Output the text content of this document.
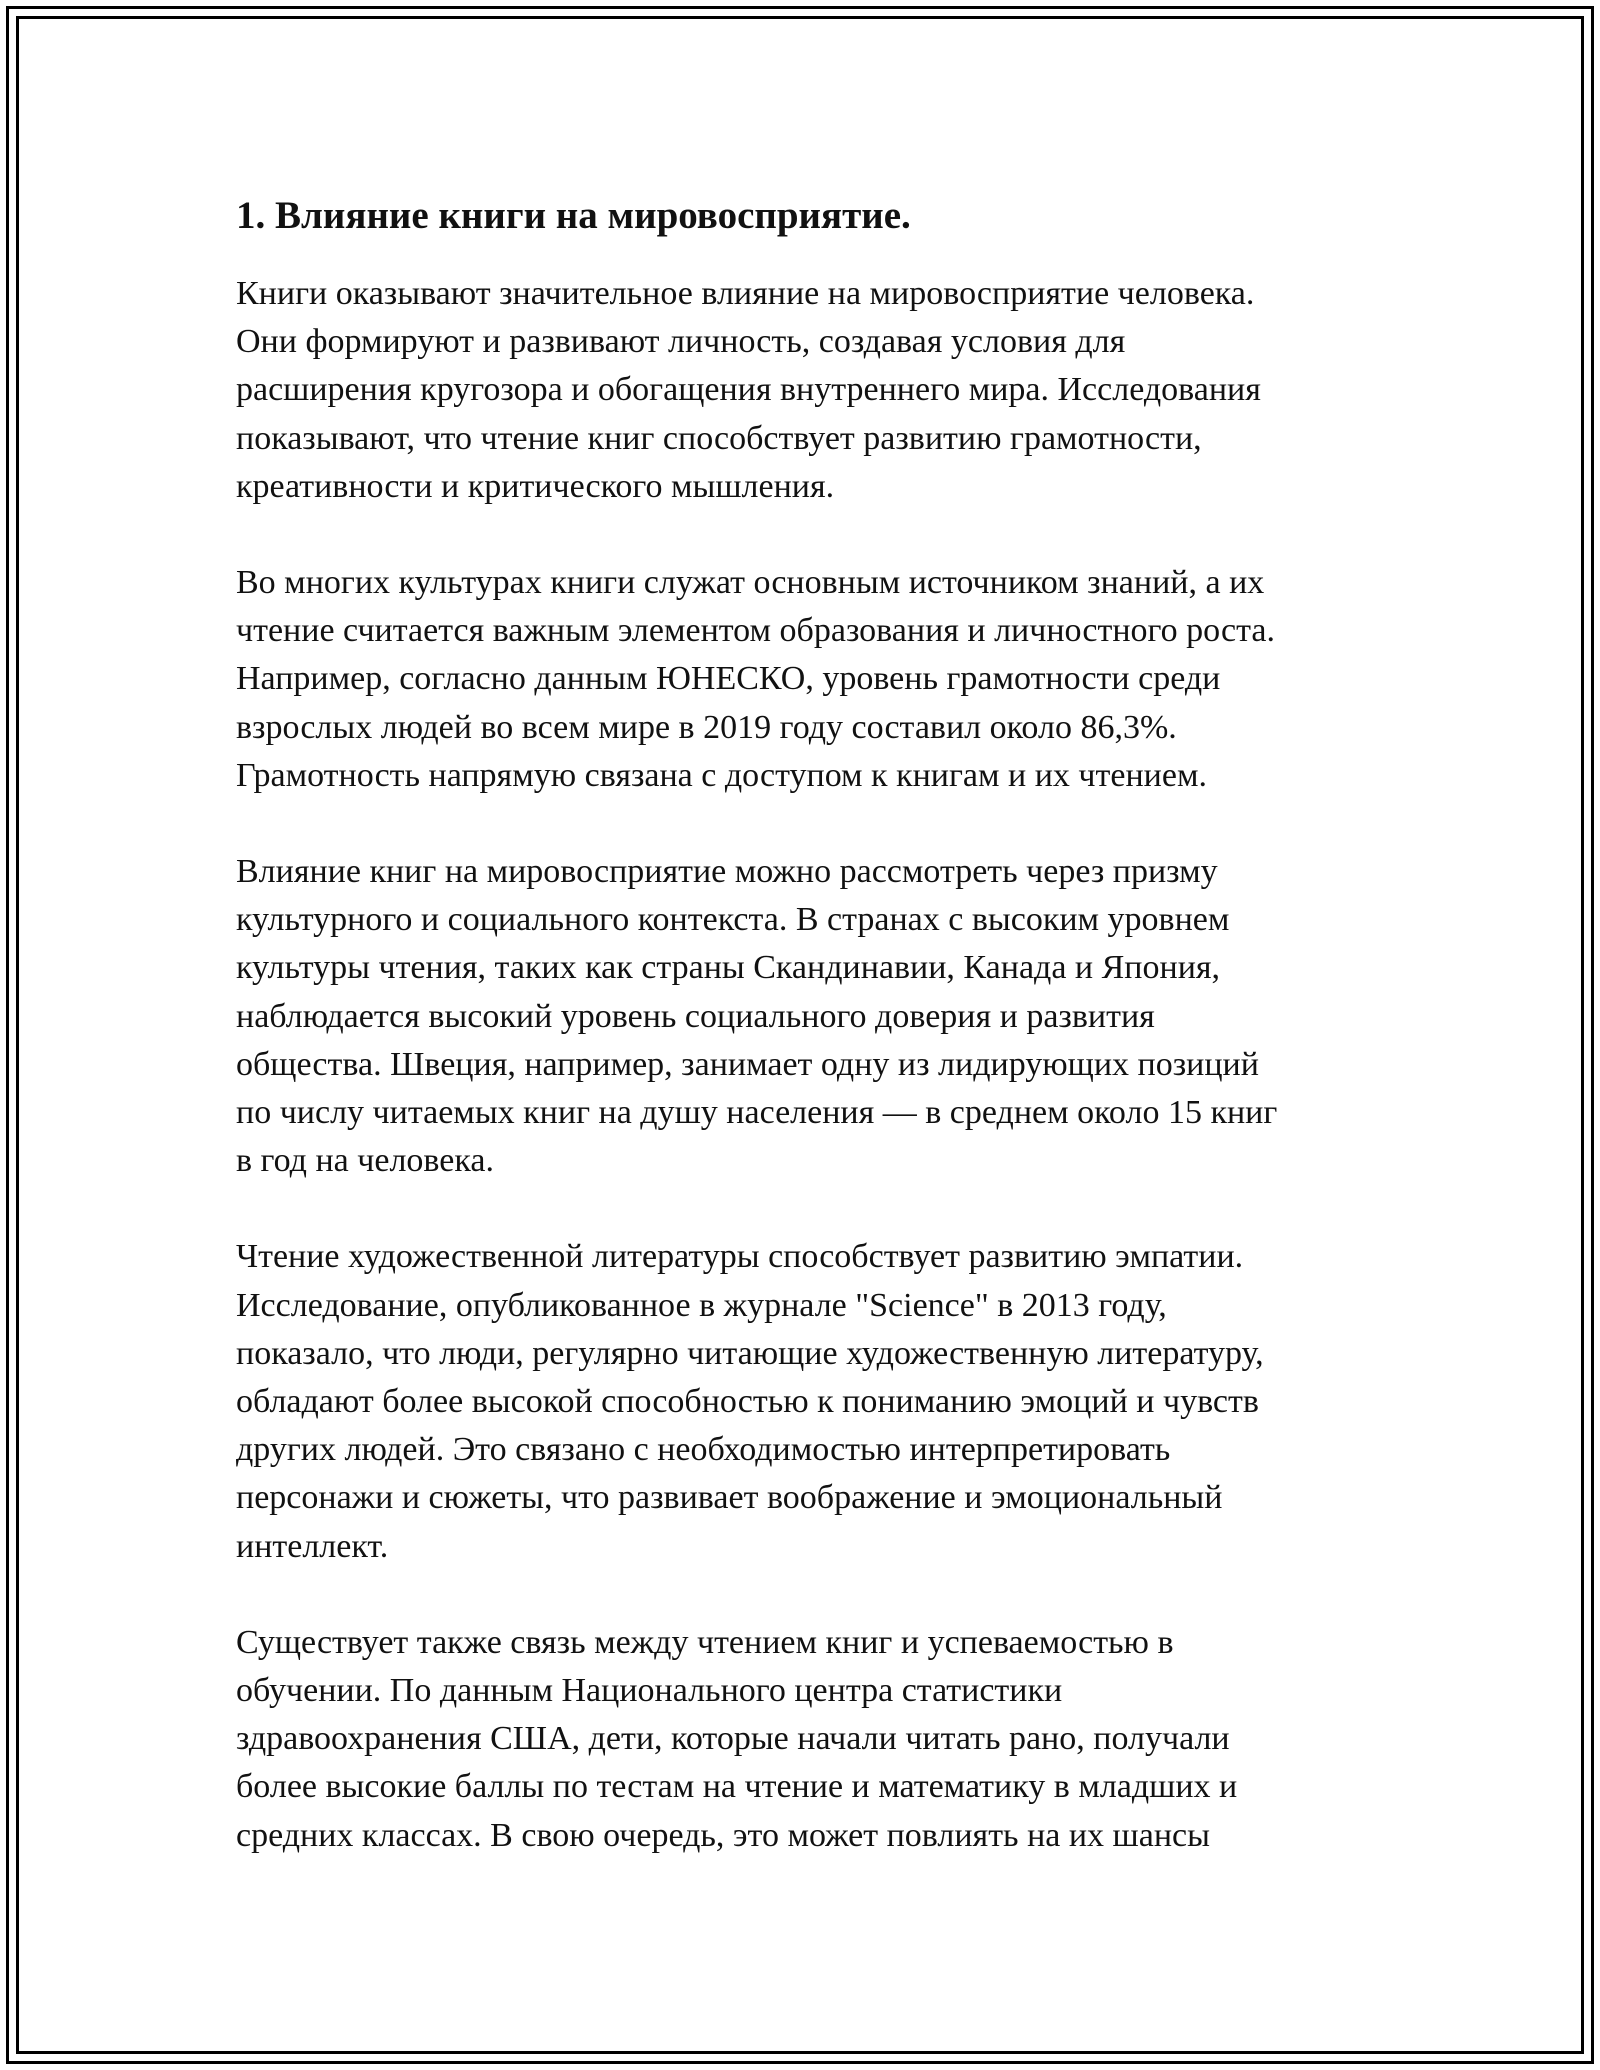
1. Влияние книги на мировосприятие.

Книги оказывают значительное влияние на мировосприятие человека.
Они формируют и развивают личность, создавая условия для
расширения кругозора и обогащения внутреннего мира. Исследования
показывают, что чтение книг способствует развитию грамотности,
креативности и критического мышления.

Во многих культурах книги служат основным источником знаний, а их
чтение считается важным элементом образования и личностного роста.
Например, согласно данным ЮНЕСКО, уровень грамотности среди
взрослых людей во всем мире в 2019 году составил около 86,3%.
Грамотность напрямую связана с доступом к книгам и их чтением.

Влияние книг на мировосприятие можно рассмотреть через призму
культурного и социального контекста. В странах с высоким уровнем
культуры чтения, таких как страны Скандинавии, Канада и Япония,
наблюдается высокий уровень социального доверия и развития
общества. Швеция, например, занимает одну из лидирующих позиций
по числу читаемых книг на душу населения — в среднем около 15 книг
в год на человека.

Чтение художественной литературы способствует развитию эмпатии.
Исследование, опубликованное в журнале "Science" в 2013 году,
показало, что люди, регулярно читающие художественную литературу,
обладают более высокой способностью к пониманию эмоций и чувств
других людей. Это связано с необходимостью интерпретировать
персонажи и сюжеты, что развивает воображение и эмоциональный
интеллект.

Существует также связь между чтением книг и успеваемостью в
обучении. По данным Национального центра статистики
здравоохранения США, дети, которые начали читать рано, получали
более высокие баллы по тестам на чтение и математику в младших и
средних классах. В свою очередь, это может повлиять на их шансы
